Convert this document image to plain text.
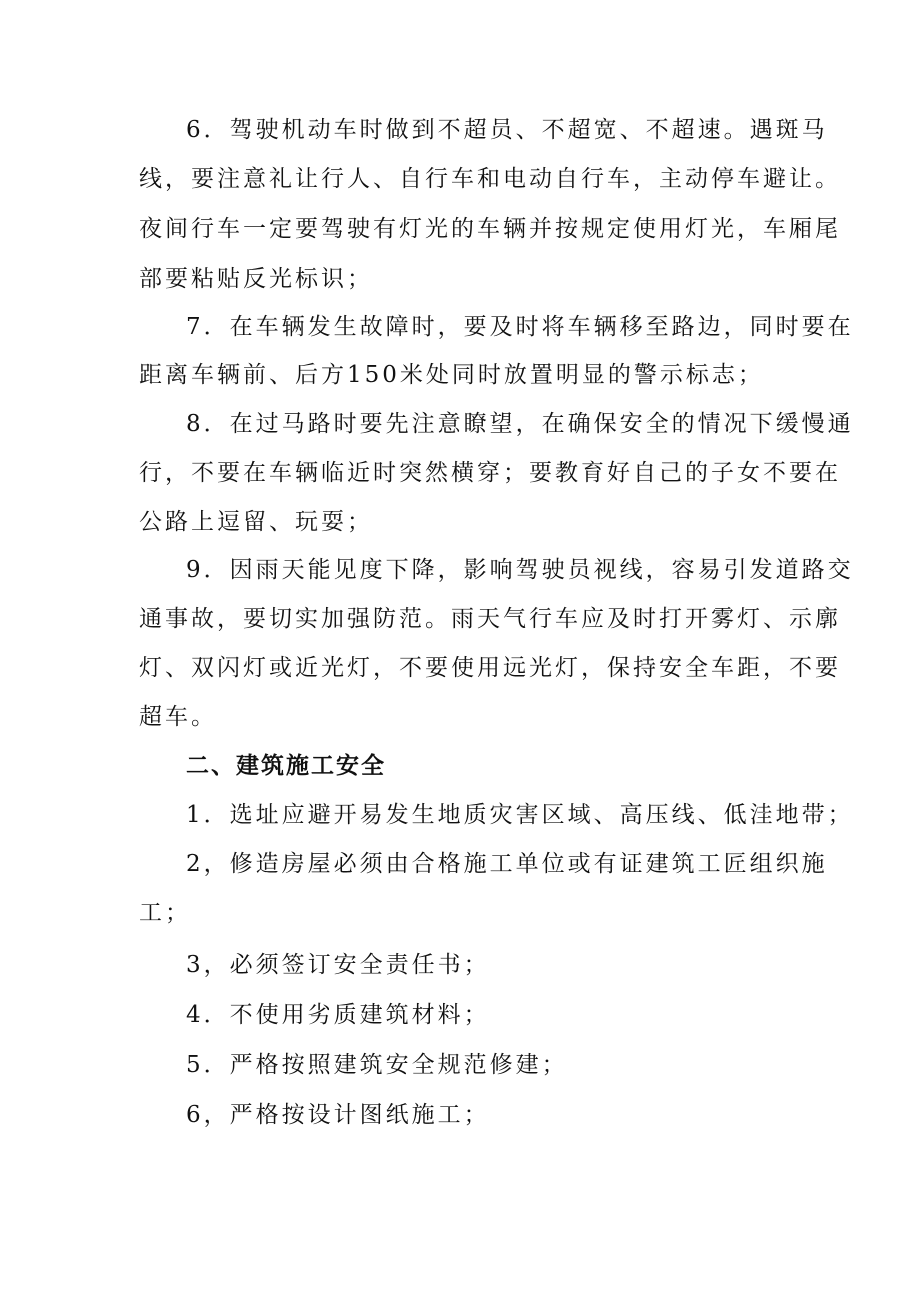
6．驾驶机动车时做到不超员、不超宽、不超速。遇斑马
线，要注意礼让行人、自行车和电动自行车，主动停车避让。
夜间行车一定要驾驶有灯光的车辆并按规定使用灯光，车厢尾
部要粘贴反光标识；
7．在车辆发生故障时，要及时将车辆移至路边，同时要在
距离车辆前、后方150米处同时放置明显的警示标志；
8．在过马路时要先注意瞭望，在确保安全的情况下缓慢通
行，不要在车辆临近时突然横穿；要教育好自己的子女不要在
公路上逗留、玩耍；
9．因雨天能见度下降，影响驾驶员视线，容易引发道路交
通事故，要切实加强防范。雨天气行车应及时打开雾灯、示廓
灯、双闪灯或近光灯，不要使用远光灯，保持安全车距，不要
超车。
二、建筑施工安全
1．选址应避开易发生地质灾害区域、高压线、低洼地带；
2，修造房屋必须由合格施工单位或有证建筑工匠组织施
工；
3，必须签订安全责任书；
4．不使用劣质建筑材料；
5．严格按照建筑安全规范修建；
6，严格按设计图纸施工；
